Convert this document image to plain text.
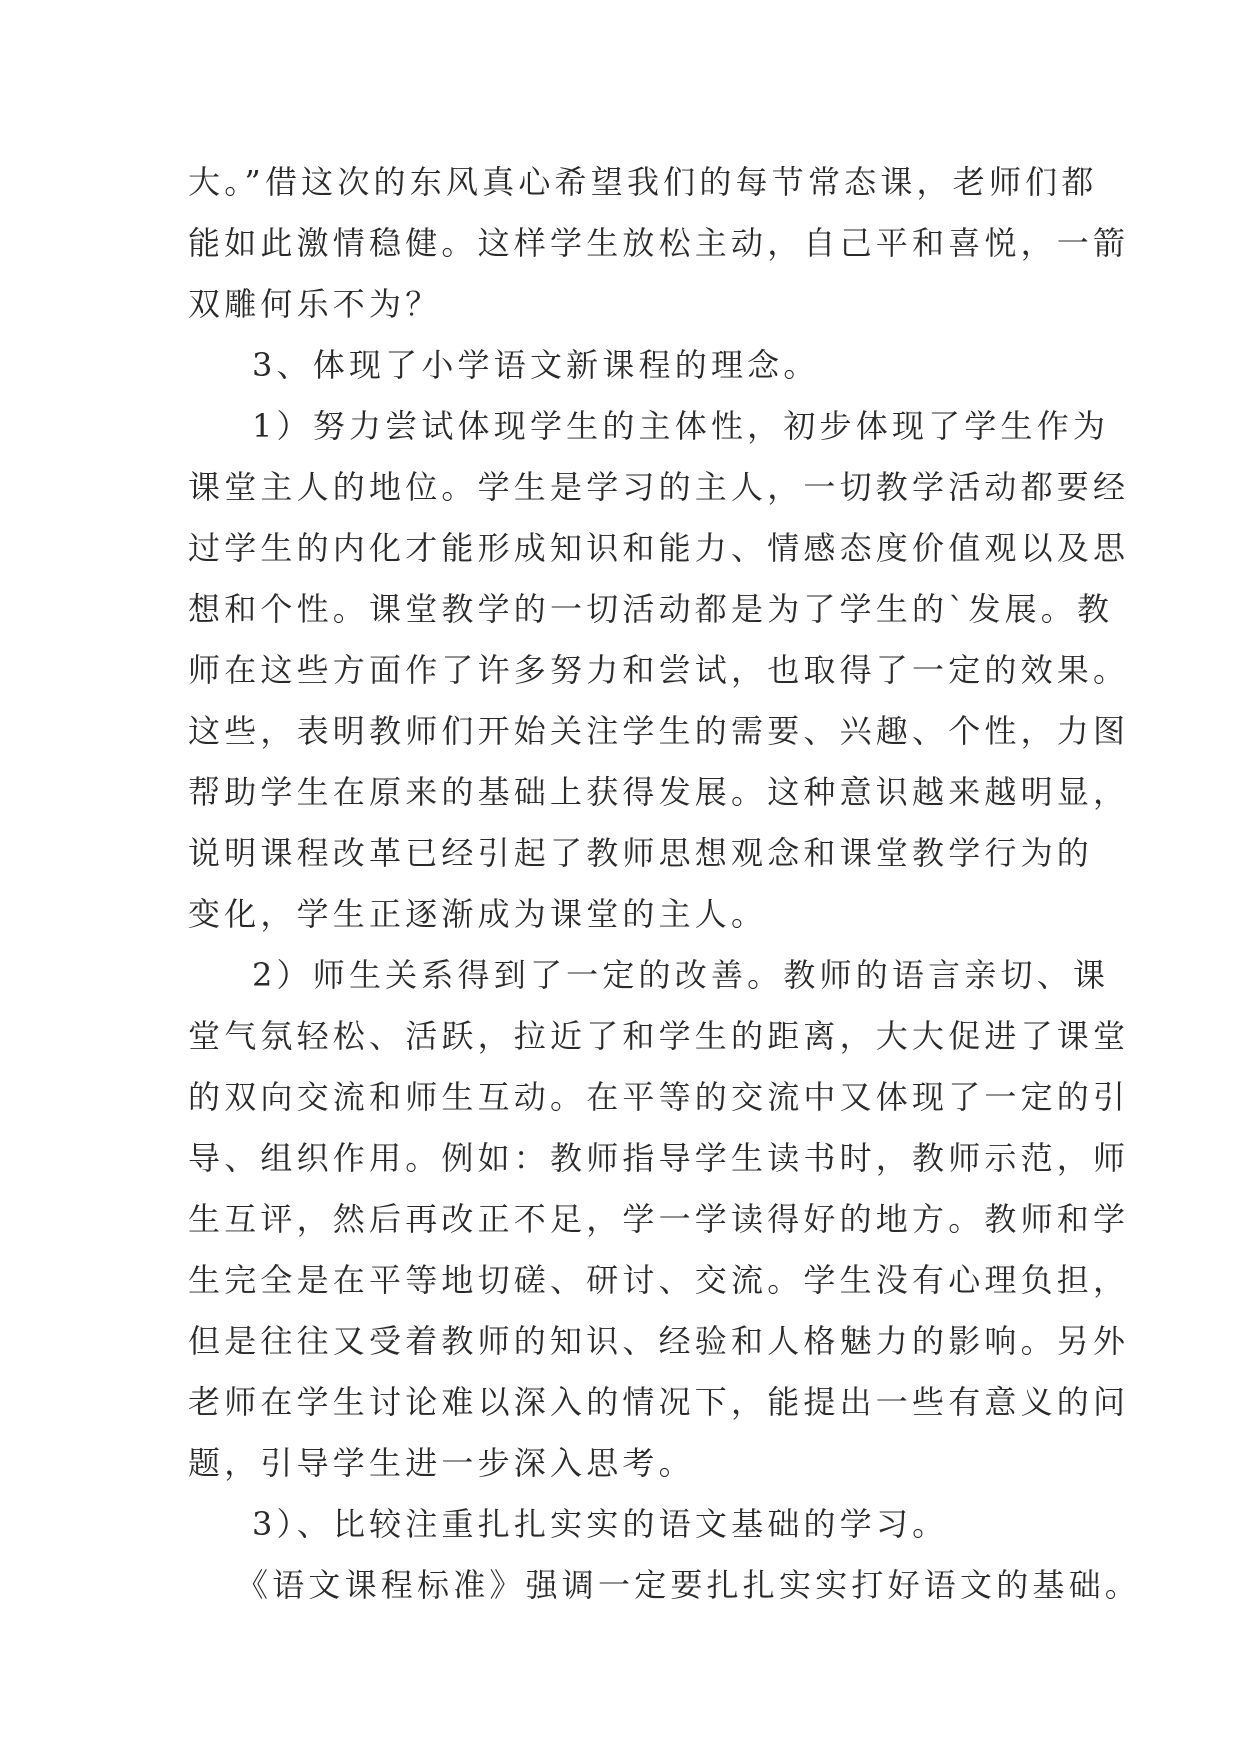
大。”借这次的东风真心希望我们的每节常态课，老师们都
能如此激情稳健。这样学生放松主动，自己平和喜悦，一箭
双雕何乐不为？
3、体现了小学语文新课程的理念。
1）努力尝试体现学生的主体性，初步体现了学生作为
课堂主人的地位。学生是学习的主人，一切教学活动都要经
过学生的内化才能形成知识和能力、情感态度价值观以及思
想和个性。课堂教学的一切活动都是为了学生的`发展。教
师在这些方面作了许多努力和尝试，也取得了一定的效果。
这些，表明教师们开始关注学生的需要、兴趣、个性，力图
帮助学生在原来的基础上获得发展。这种意识越来越明显，
说明课程改革已经引起了教师思想观念和课堂教学行为的
变化，学生正逐渐成为课堂的主人。
2）师生关系得到了一定的改善。教师的语言亲切、课
堂气氛轻松、活跃，拉近了和学生的距离，大大促进了课堂
的双向交流和师生互动。在平等的交流中又体现了一定的引
导、组织作用。例如：教师指导学生读书时，教师示范，师
生互评，然后再改正不足，学一学读得好的地方。教师和学
生完全是在平等地切磋、研讨、交流。学生没有心理负担，
但是往往又受着教师的知识、经验和人格魅力的影响。另外
老师在学生讨论难以深入的情况下，能提出一些有意义的问
题，引导学生进一步深入思考。
3）、比较注重扎扎实实的语文基础的学习。
《语文课程标准》强调一定要扎扎实实打好语文的基础。
